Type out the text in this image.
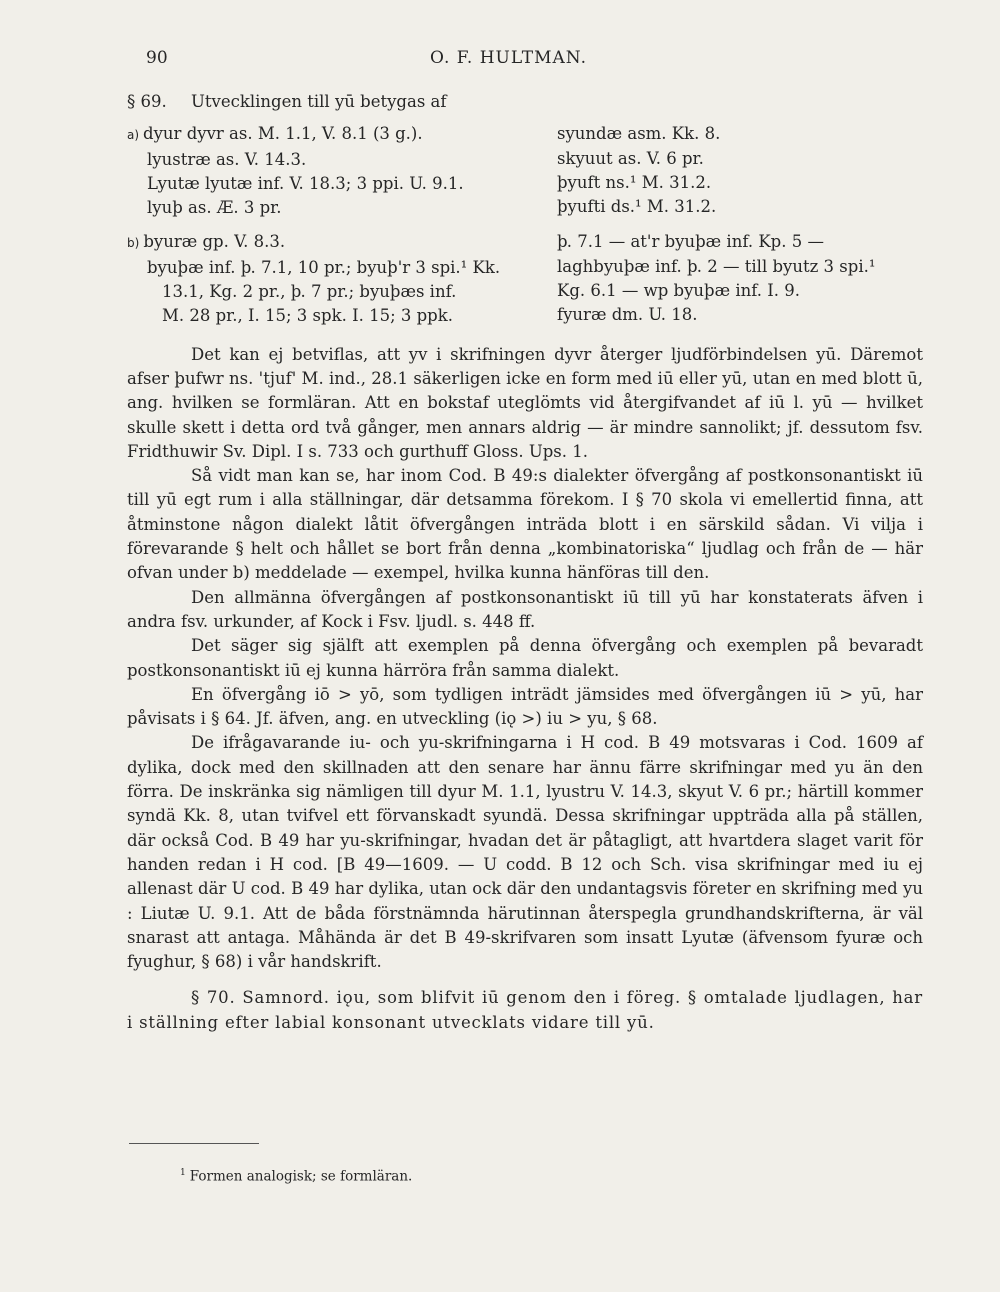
90	O. F. HULTMAN.
§ 69.	Utvecklingen till yū betygas af
a) dyur dyvr as. M. 1.1, V. 8.1 (3 g.).
lyustræ as. V. 14.3.
Lyutæ lyutæ inf. V. 18.3; 3 ppi. U. 9.1.
lyuþ as. Æ. 3 pr.
syundæ asm. Kk. 8.
skyuut as. V. 6 pr.
þyuft ns.¹ M. 31.2.
þyufti ds.¹ M. 31.2.
b) byuræ gp. V. 8.3.
byuþæ inf. þ. 7.1, 10 pr.; byuþ'r 3 spi.¹ Kk.
13.1, Kg. 2 pr., þ. 7 pr.; byuþæs inf.
M. 28 pr., I. 15; 3 spk. I. 15; 3 ppk.
þ. 7.1 — at'r byuþæ inf. Kp. 5 —
laghbyuþæ inf. þ. 2 — till byutz 3 spi.¹
Kg. 6.1 — wp byuþæ inf. I. 9.
fyuræ dm. U. 18.

Det kan ej betviflas, att yv i skrifningen dyvr återger ljudförbindelsen yū. Däremot afser þufwr ns. 'tjuf' M. ind., 28.1 säkerligen icke en form med iū eller yū, utan en med blott ū, ang. hvilken se formläran. Att en bokstaf uteglömts vid återgifvandet af iū l. yū — hvilket skulle skett i detta ord två gånger, men annars aldrig — är mindre sannolikt; jf. dessutom fsv. Fridthuwir Sv. Dipl. I s. 733 och gurthuff Gloss. Ups. 1.

Så vidt man kan se, har inom Cod. B 49:s dialekter öfvergång af postkonsonantiskt iū till yū egt rum i alla ställningar, där detsamma förekom. I § 70 skola vi emellertid finna, att åtminstone någon dialekt låtit öfvergången inträda blott i en särskild sådan. Vi vilja i förevarande § helt och hållet se bort från denna „kombinatoriska“ ljudlag och från de — här ofvan under b) meddelade — exempel, hvilka kunna hänföras till den.

Den allmänna öfvergången af postkonsonantiskt iū till yū har konstaterats äfven i andra fsv. urkunder, af Kock i Fsv. ljudl. s. 448 ff.

Det säger sig själft att exemplen på denna öfvergång och exemplen på bevaradt postkonsonantiskt iū ej kunna härröra från samma dialekt.

En öfvergång iō > yō, som tydligen inträdt jämsides med öfvergången iū > yū, har påvisats i § 64. Jf. äfven, ang. en utveckling (iǫ >) iu > yu, § 68.

De ifrågavarande iu- och yu-skrifningarna i H cod. B 49 motsvaras i Cod. 1609 af dylika, dock med den skillnaden att den senare har ännu färre skrifningar med yu än den förra. De inskränka sig nämligen till dyur M. 1.1, lyustru V. 14.3, skyut V. 6 pr.; härtill kommer syndä Kk. 8, utan tvifvel ett förvanskadt syundä. Dessa skrifningar uppträda alla på ställen, där också Cod. B 49 har yu-skrifningar, hvadan det är påtagligt, att hvartdera slaget varit för handen redan i H cod. [B 49—1609. — U codd. B 12 och Sch. visa skrifningar med iu ej allenast där U cod. B 49 har dylika, utan ock där den undantagsvis företer en skrifning med yu : Liutæ U. 9.1. Att de båda förstnämnda härutinnan återspegla grundhandskrifterna, är väl snarast att antaga. Måhända är det B 49-skrifvaren som insatt Lyutæ (äfvensom fyuræ och fyughur, § 68) i vår handskrift.

§ 70. Samnord. iǫu, som blifvit iū genom den i föreg. § omtalade ljudlagen, har i ställning efter labial konsonant utvecklats vidare till yū.

$^1$ Formen analogisk; se formläran.
